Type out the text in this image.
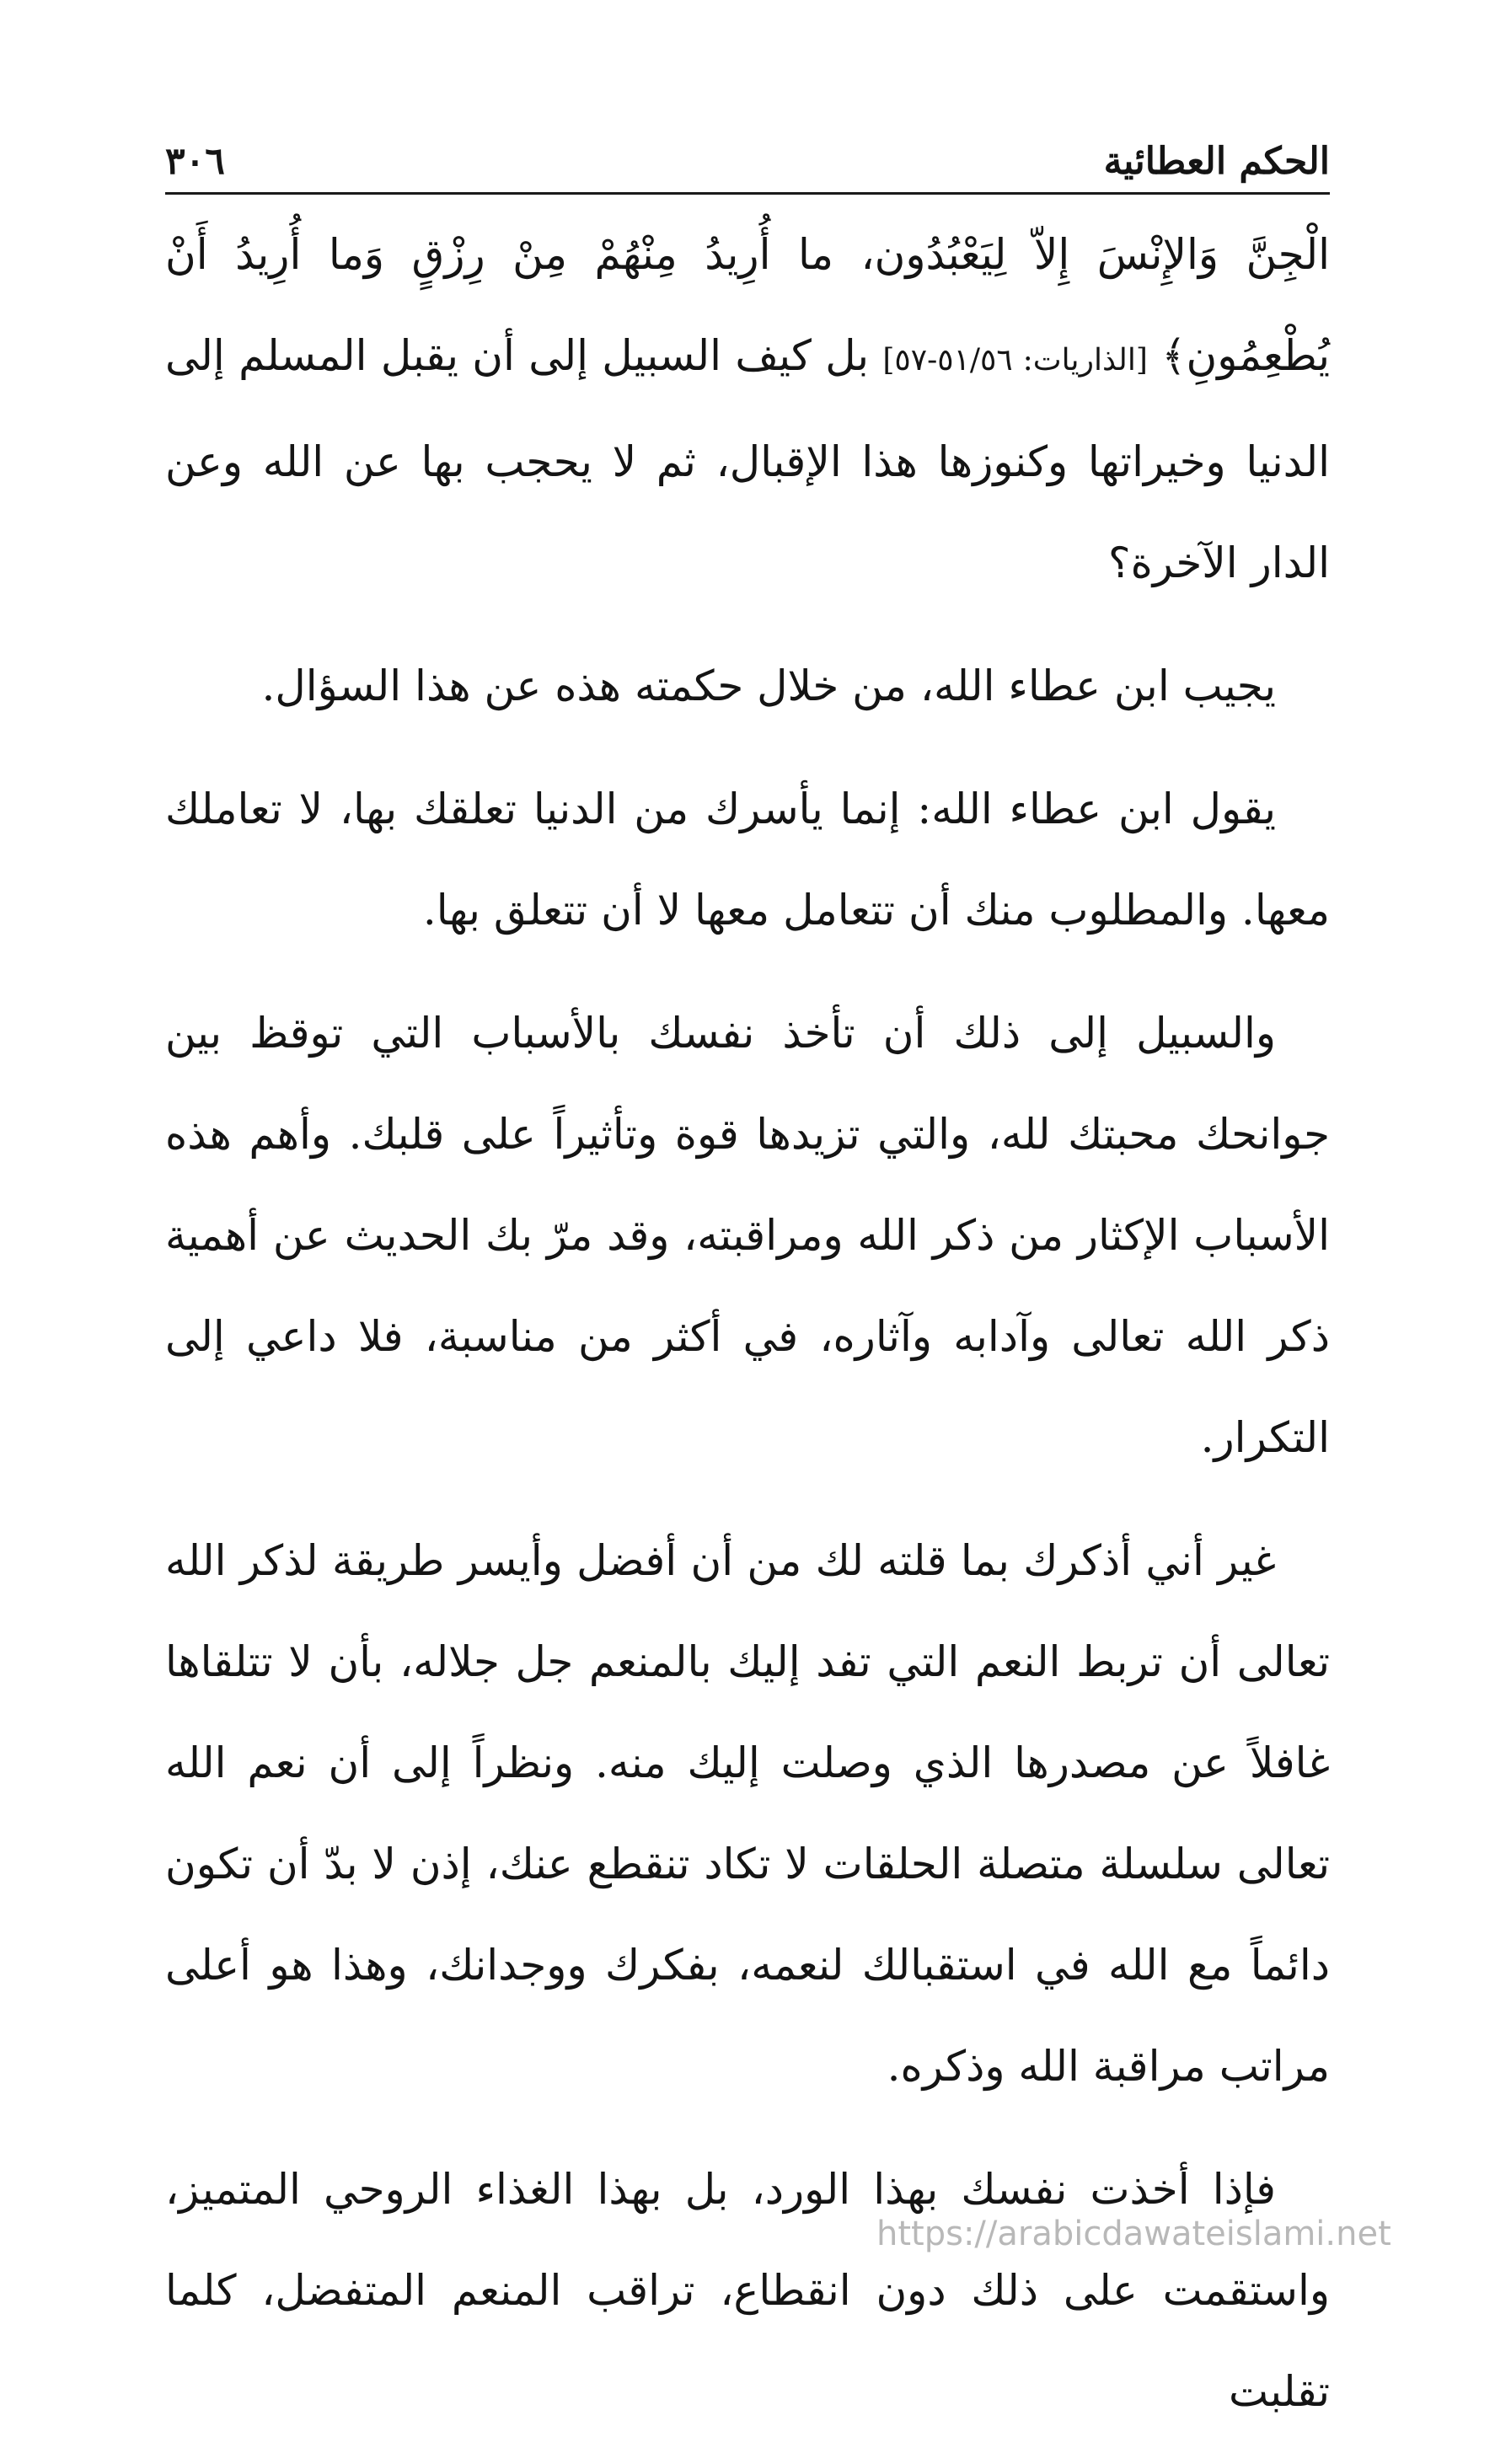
الحكم العطائية
٣٠٦

الْجِنَّ وَالإِنْسَ إِلاّ لِيَعْبُدُون، ما أُرِيدُ مِنْهُمْ مِنْ رِزْقٍ وَما أُرِيدُ أَنْ يُطْعِمُونِ﴾ [الذاريات: ٥١/٥٦-٥٧] بل كيف السبيل إلى أن يقبل المسلم إلى الدنيا وخيراتها وكنوزها هذا الإقبال، ثم لا يحجب بها عن الله وعن الدار الآخرة؟

يجيب ابن عطاء الله، من خلال حكمته هذه عن هذا السؤال.

يقول ابن عطاء الله: إنما يأسرك من الدنيا تعلقك بها، لا تعاملك معها. والمطلوب منك أن تتعامل معها لا أن تتعلق بها.

والسبيل إلى ذلك أن تأخذ نفسك بالأسباب التي توقظ بين جوانحك محبتك لله، والتي تزيدها قوة وتأثيراً على قلبك. وأهم هذه الأسباب الإكثار من ذكر الله ومراقبته، وقد مرّ بك الحديث عن أهمية ذكر الله تعالى وآدابه وآثاره، في أكثر من مناسبة، فلا داعي إلى التكرار.

غير أني أذكرك بما قلته لك من أن أفضل وأيسر طريقة لذكر الله تعالى أن تربط النعم التي تفد إليك بالمنعم جل جلاله، بأن لا تتلقاها غافلاً عن مصدرها الذي وصلت إليك منه. ونظراً إلى أن نعم الله تعالى سلسلة متصلة الحلقات لا تكاد تنقطع عنك، إذن لا بدّ أن تكون دائماً مع الله في استقبالك لنعمه، بفكرك ووجدانك، وهذا هو أعلى مراتب مراقبة الله وذكره.

فإذا أخذت نفسك بهذا الورد، بل بهذا الغذاء الروحي المتميز، واستقمت على ذلك دون انقطاع، تراقب المنعم المتفضل، كلما تقلبت

https://arabicdawateislami.net
